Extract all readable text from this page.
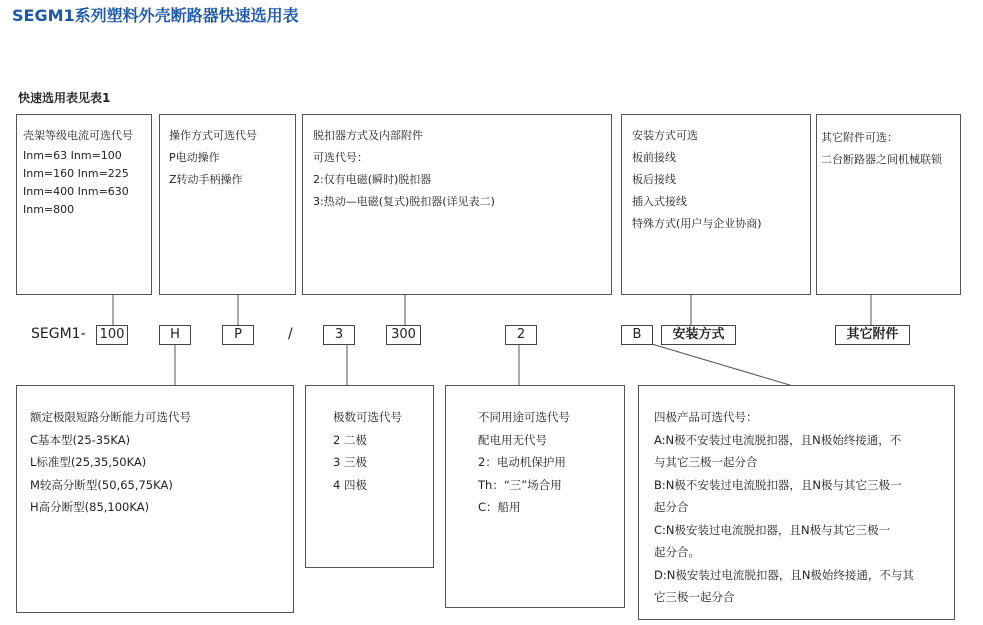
SEGM1系列塑料外壳断路器快速选用表
快速选用表见表1
壳架等级电流可选代号
Inm=63 Inm=100
Inm=160 Inm=225
Inm=400 Inm=630
Inm=800
操作方式可选代号
P电动操作
Z转动手柄操作
脱扣器方式及内部附件
可选代号：
2:仅有电磁(瞬时)脱扣器
3:热动—电磁(复式)脱扣器(详见表二)
安装方式可选
板前接线
板后接线
插入式接线
特殊方式(用户与企业协商)
其它附件可选：
二台断路器之间机械联锁
SEGM1- 100	H	P	/	3	300	2	B	安装方式	其它附件
额定极限短路分断能力可选代号
C基本型(25-35KA)
L标准型(25,35,50KA)
M较高分断型(50,65,75KA)
H高分断型(85,100KA)
极数可选代号
2 二极
3 三极
4 四极
不同用途可选代号
配电用无代号
2：电动机保护用
Th：“三”场合用
C：船用
四极产品可选代号：
A:N极不安装过电流脱扣器，且N极始终接通，不
与其它三极一起分合
B:N极不安装过电流脱扣器，且N极与其它三极一
起分合
C:N极安装过电流脱扣器，且N极与其它三极一
起分合。
D:N极安装过电流脱扣器，且N极始终接通，不与其
它三极一起分合
